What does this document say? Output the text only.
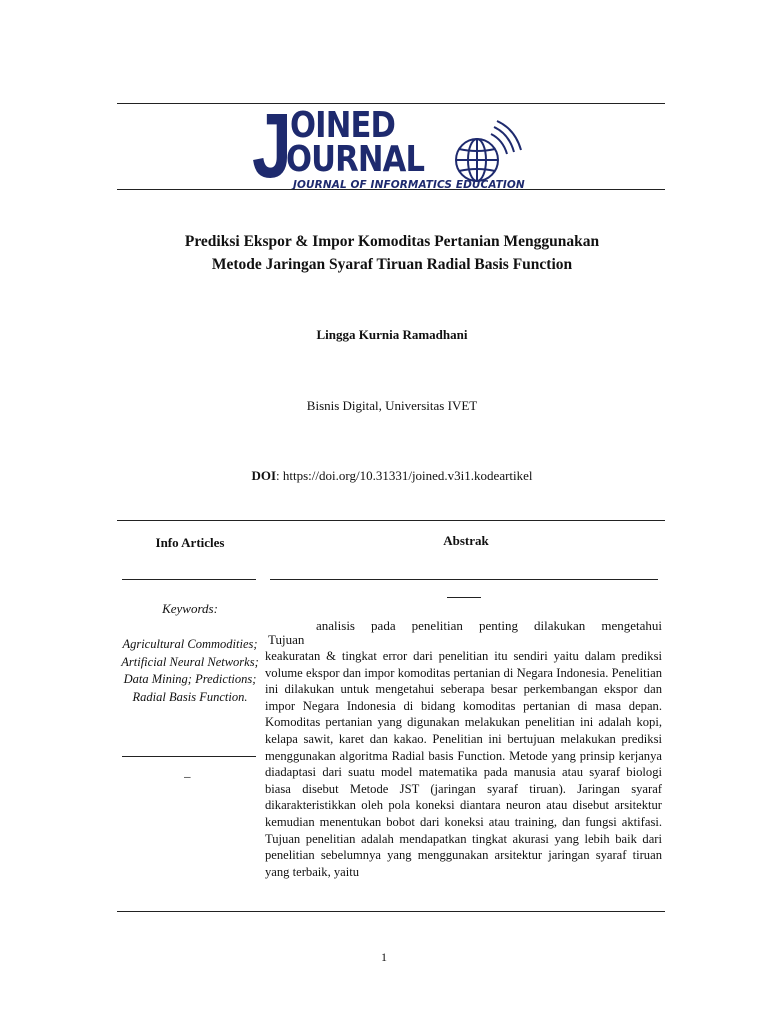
J
OINED
OURNAL
JOURNAL OF INFORMATICS EDUCATION
Prediksi Ekspor & Impor Komoditas Pertanian Menggunakan
Metode Jaringan Syaraf Tiruan Radial Basis Function
Lingga Kurnia Ramadhani
Bisnis Digital, Universitas IVET
DOI: https://doi.org/10.31331/joined.v3i1.kodeartikel
Info Articles	Abstrak
Keywords:
Agricultural Commodities; Artificial Neural Networks; Data Mining; Predictions; Radial Basis Function.
_
analisis pada penelitian penting dilakukan mengetahui
Tujuan
keakuratan & tingkat error dari penelitian itu sendiri yaitu dalam prediksi volume ekspor dan impor komoditas pertanian di Negara Indonesia. Penelitian ini dilakukan untuk mengetahui seberapa besar perkembangan ekspor dan impor Negara Indonesia di bidang komoditas pertanian di masa depan. Komoditas pertanian yang digunakan melakukan penelitian ini adalah kopi, kelapa sawit, karet dan kakao. Penelitian ini bertujuan melakukan prediksi menggunakan algoritma Radial basis Function. Metode yang prinsip kerjanya diadaptasi dari suatu model matematika pada manusia atau syaraf biologi biasa disebut Metode JST (jaringan syaraf tiruan). Jaringan syaraf dikarakteristikkan oleh pola koneksi diantara neuron atau disebut arsitektur kemudian menentukan bobot dari koneksi atau training, dan fungsi aktifasi. Tujuan penelitian adalah mendapatkan tingkat akurasi yang lebih baik dari penelitian sebelumnya yang menggunakan arsitektur jaringan syaraf tiruan yang terbaik, yaitu
1
